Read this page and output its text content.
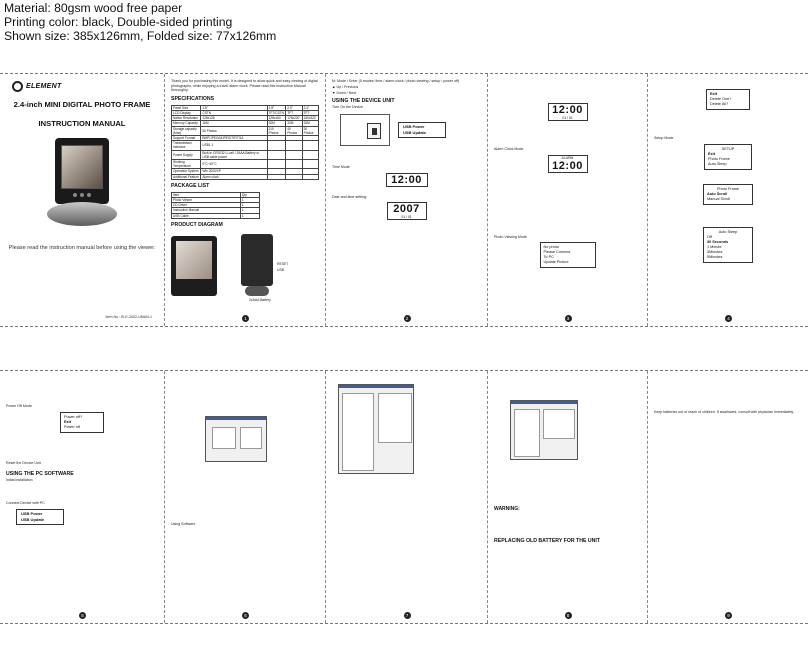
Material: 80gsm wood free paper
Printing color: black, Double-sided printing
Shown size: 385x126mm, Folded size: 77x126mm
ELEMENT
2.4-inch MINI DIGITAL PHOTO FRAME
INSTRUCTION MANUAL
Please read the instruction manual before using the viewer.
Item No.: ELE-2002-UMAN-1
Thank you for purchasing this model. It is designed to allow quick and easy viewing of digital photographs, while enjoying a travel alarm clock. Please read this Instruction Manual thoroughly.
SPECIFICATIONS
Panel Size	1.5"	1.8"	2.0"	2.4"
LCD Display	CSTN	TFT/CSTN	TFT	TFT
Native Resolution	128x128	128x160	176x220	240x320
Memory Capacity	16M	32M	32M	32M
Storage capacity (Max)	50 Photos	110 Photos	40 Photos	30 Photos
Support Format	BMP/JPEG/MJPEG/TIF/TGA			
Transmission Interface	USB1.1			
Power Supply	Built-in CR2032 Li-cell / 3AAA Battery or USB cable power			
Working Temperature	0°C~40°C			
Operation System	Win 2000/XP			
Additional Feature	Alarm clock			
PACKAGE LIST
Item	Qty
Photo Viewer	1
CD Driver	1
Instruction Manual	1
USB Cable	1
PRODUCT DIAGRAM
RESET
USB
2xAAA Battery
1

M: Mode / Enter (5 modes: time / alarm clock / photo viewing / setup / power off)

▲ Up / Previous

▼ Down / Next

USING THE DEVICE UNIT

Turn On the Device

USB Power
USB Update

Time Mode

12:00

Date and time setting:

2007
01 / 01
2
12:00
01 / 01

Alarm Clock Mode

ALARM
12:00

Photo Viewing Mode

No photo
Please Connect
To PC
Update Picture
3
Exit
Delete One?
Delete All?

Setup Mode

SETUP
Exit
Photo Frame
Auto Sleep
Photo Frame
Auto Scroll
Manual Scroll
Auto Sleep
Off
30 Seconds
1 Minute
3Minutes
5Minutes
4

Power Off Mode

Power off?
Exit
Power off

Reset the Device Unit

USING THE PC SOFTWARE

Initial Installation

Connect Device with PC

USB Power
USB Update
5

Using Software

6	7
WARNING:
REPLACING OLD BATTERY FOR THE UNIT
8

Keep batteries out of reach of children. If swallowed, consult with physician immediately.

9
